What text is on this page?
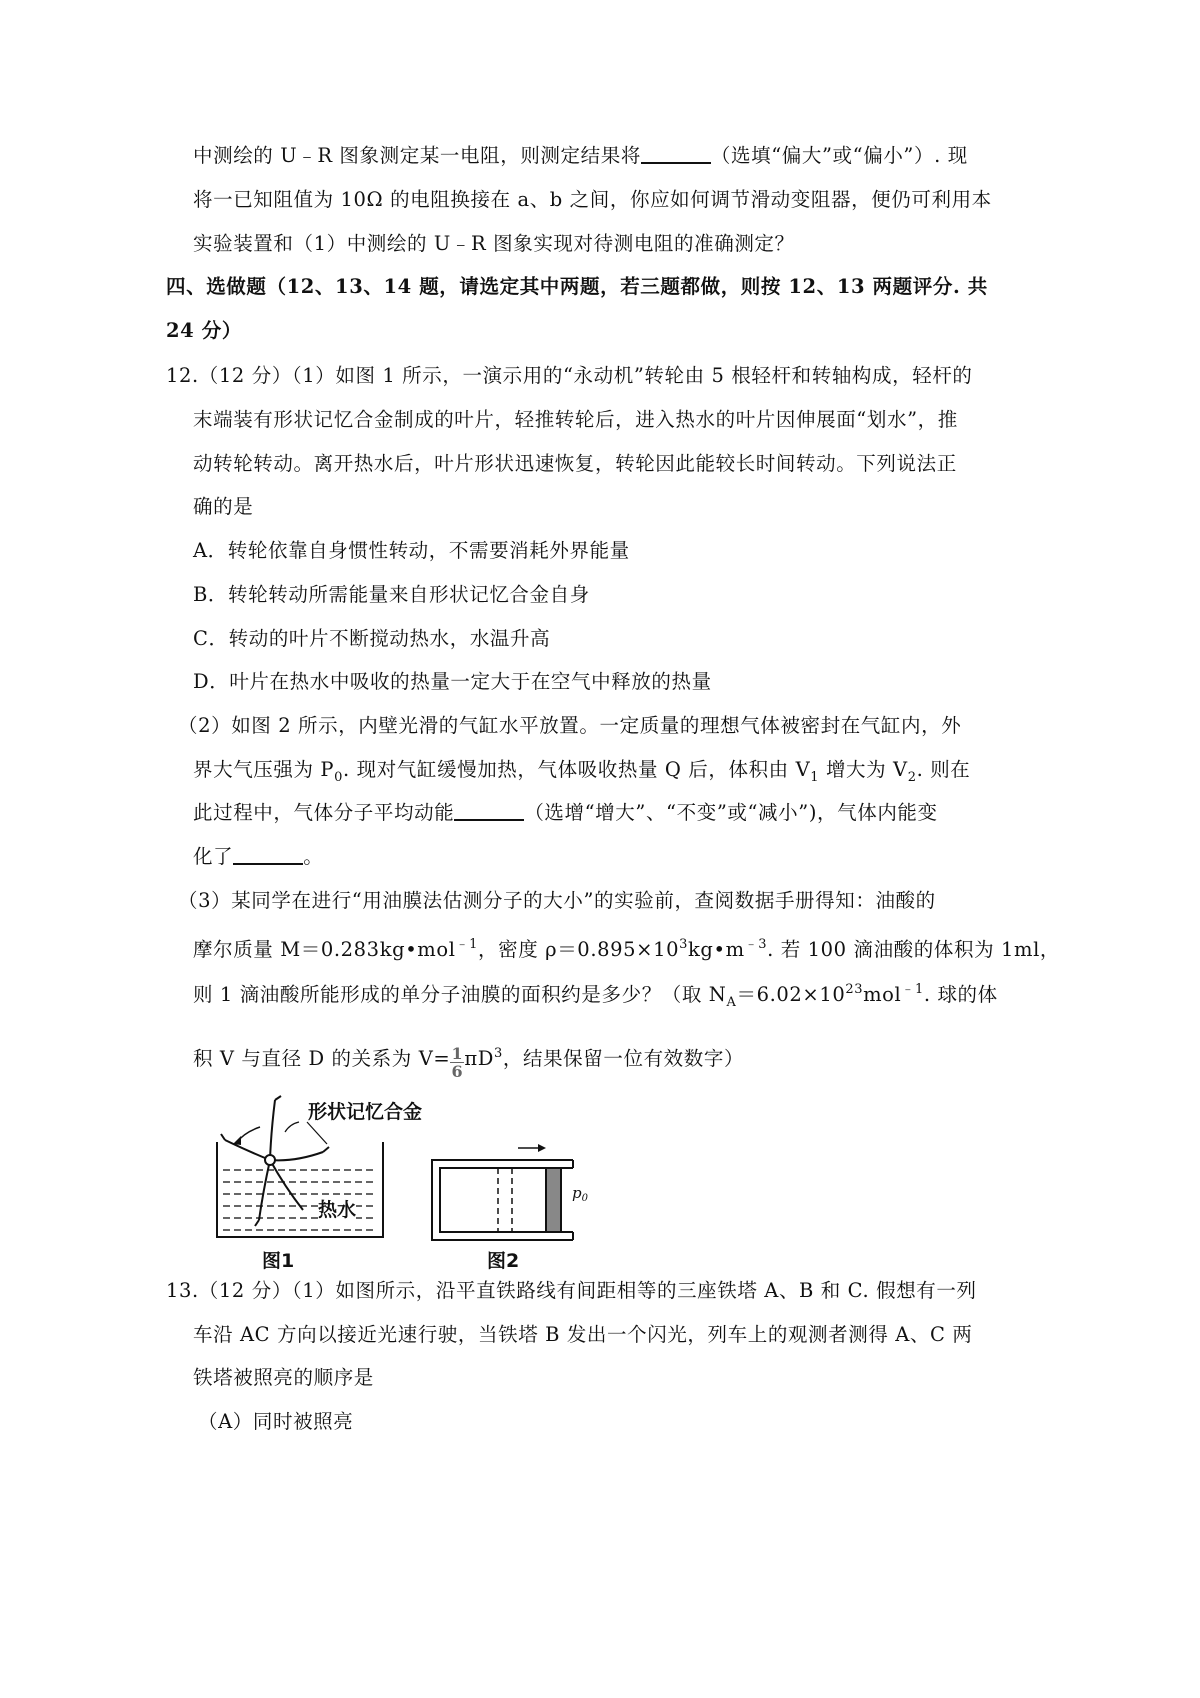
中测绘的 U﹣R 图象测定某一电阻，则测定结果将	（选填“偏大”或“偏小”）. 现
将一已知阻值为 10Ω 的电阻换接在 a、b 之间，你应如何调节滑动变阻器，便仍可利用本
实验装置和（1）中测绘的 U﹣R 图象实现对待测电阻的准确测定？
四、选做题（12、13、14 题，请选定其中两题，若三题都做，则按 12、13 两题评分. 共
24 分）
12.（12 分）（1）如图 1 所示，一演示用的“永动机”转轮由 5 根轻杆和转轴构成，轻杆的
末端装有形状记忆合金制成的叶片，轻推转轮后，进入热水的叶片因伸展面“划水”，推
动转轮转动。离开热水后，叶片形状迅速恢复，转轮因此能较长时间转动。下列说法正
确的是
A．转轮依靠自身惯性转动，不需要消耗外界能量
B．转轮转动所需能量来自形状记忆合金自身
C．转动的叶片不断搅动热水，水温升高
D．叶片在热水中吸收的热量一定大于在空气中释放的热量
（2）如图 2 所示，内壁光滑的气缸水平放置。一定质量的理想气体被密封在气缸内，外
界大气压强为 $P_0$. 现对气缸缓慢加热，气体吸收热量 Q 后，体积由 $V_1$ 增大为 $V_2$. 则在
此过程中，气体分子平均动能	（选增“增大”、“不变”或“减小”)，气体内能变
化了	。
（3）某同学在进行“用油膜法估测分子的大小”的实验前，查阅数据手册得知：油酸的
摩尔质量 M＝0.283kg•mol$^{﹣1}$，密度 $\rho=0.895\times 10^3kg•m^{﹣3}$. 若 100 滴油酸的体积为 1ml，
则 1 滴油酸所能形成的单分子油膜的面积约是多少？（取 $N_A=6.02\times 10^{23}mol^{﹣1}$. 球的体
积 V 与直径 D 的关系为 $V= \frac{1}{6}\pi D^3$，结果保留一位有效数字）
形状记忆合金
热水
图1
$p_0$
图2
13.（12 分）（1）如图所示，沿平直铁路线有间距相等的三座铁塔 A、B 和 C. 假想有一列
车沿 AC 方向以接近光速行驶，当铁塔 B 发出一个闪光，列车上的观测者测得 A、C 两
铁塔被照亮的顺序是
（A）同时被照亮
